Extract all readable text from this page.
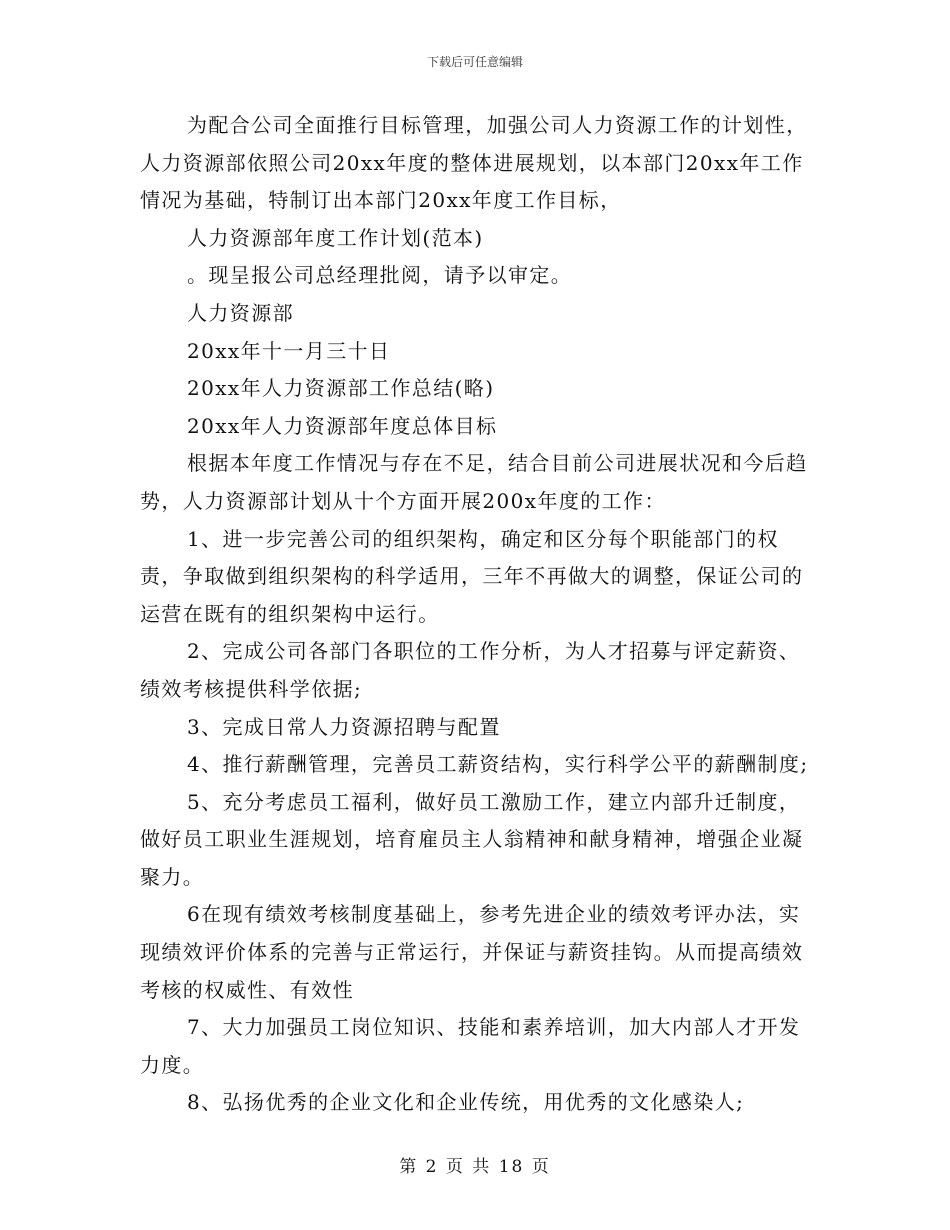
下载后可任意编辑

为配合公司全面推行目标管理，加强公司人力资源工作的计划性，人力资源部依照公司20xx年度的整体进展规划，以本部门20xx年工作情况为基础，特制订出本部门20xx年度工作目标，

人力资源部年度工作计划(范本)

。现呈报公司总经理批阅，请予以审定。

人力资源部

20xx年十一月三十日

20xx年人力资源部工作总结(略)

20xx年人力资源部年度总体目标

根据本年度工作情况与存在不足，结合目前公司进展状况和今后趋势，人力资源部计划从十个方面开展200x年度的工作：

1、进一步完善公司的组织架构，确定和区分每个职能部门的权责，争取做到组织架构的科学适用，三年不再做大的调整，保证公司的运营在既有的组织架构中运行。

2、完成公司各部门各职位的工作分析，为人才招募与评定薪资、绩效考核提供科学依据;

3、完成日常人力资源招聘与配置

4、推行薪酬管理，完善员工薪资结构，实行科学公平的薪酬制度;

5、充分考虑员工福利，做好员工激励工作，建立内部升迁制度，做好员工职业生涯规划，培育雇员主人翁精神和献身精神，增强企业凝聚力。

6在现有绩效考核制度基础上，参考先进企业的绩效考评办法，实现绩效评价体系的完善与正常运行，并保证与薪资挂钩。从而提高绩效考核的权威性、有效性

7、大力加强员工岗位知识、技能和素养培训，加大内部人才开发力度。

8、弘扬优秀的企业文化和企业传统，用优秀的文化感染人;

第 2 页 共 18 页
